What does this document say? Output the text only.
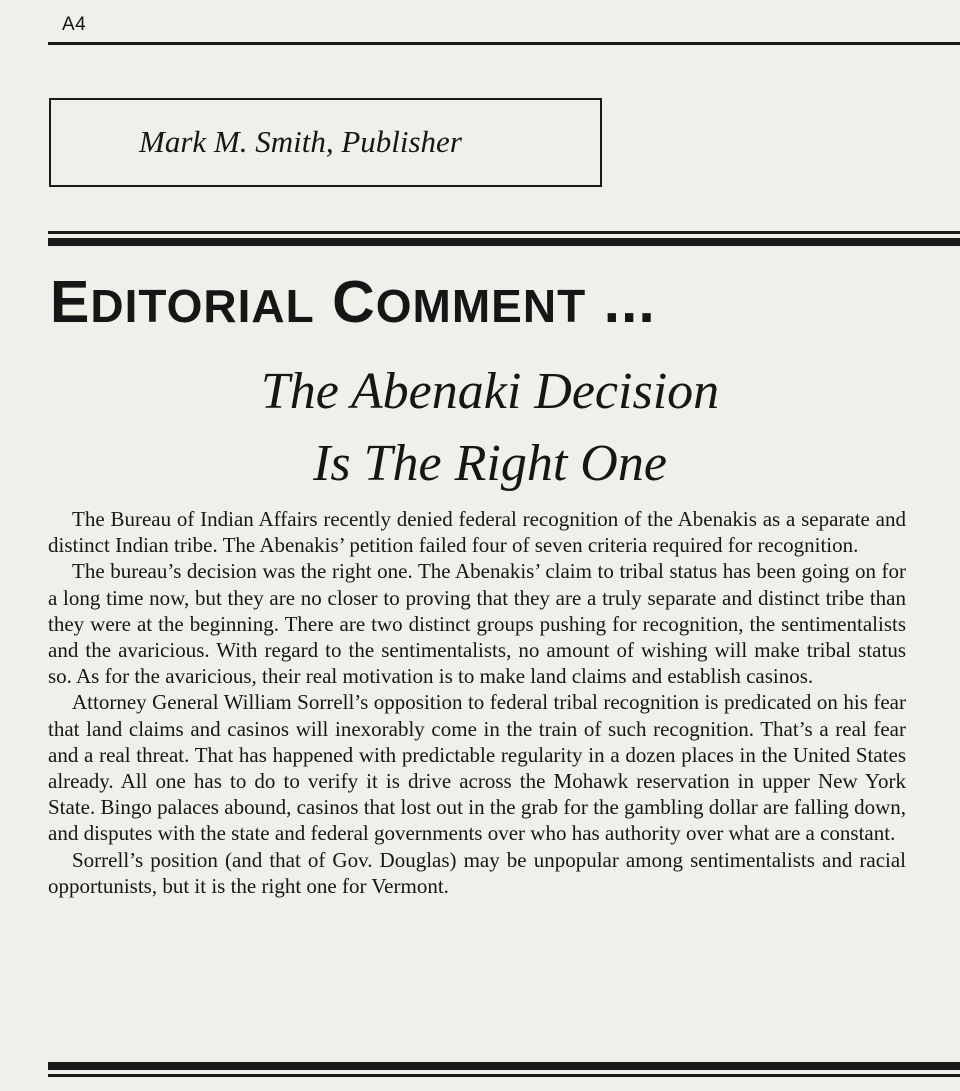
A4
Mark M. Smith, Publisher
EDITORIAL COMMENT ...
The Abenaki Decision
Is The Right One

The Bureau of Indian Affairs recently denied federal recognition of the Abenakis as a separate and distinct Indian tribe. The Abenakis’ petition failed four of seven criteria required for recognition.

The bureau’s decision was the right one. The Abenakis’ claim to tribal status has been going on for a long time now, but they are no closer to proving that they are a truly separate and distinct tribe than they were at the beginning. There are two distinct groups pushing for recognition, the sentimentalists and the avaricious. With regard to the sentimentalists, no amount of wishing will make tribal status so. As for the avaricious, their real motivation is to make land claims and establish casinos.

Attorney General William Sorrell’s opposition to federal tribal recognition is predicated on his fear that land claims and casinos will inexorably come in the train of such recognition. That’s a real fear and a real threat. That has happened with predictable regularity in a dozen places in the United States already. All one has to do to verify it is drive across the Mohawk reservation in upper New York State. Bingo palaces abound, casinos that lost out in the grab for the gambling dollar are falling down, and disputes with the state and federal governments over who has authority over what are a constant.

Sorrell’s position (and that of Gov. Douglas) may be unpopular among sentimentalists and racial opportunists, but it is the right one for Vermont.
